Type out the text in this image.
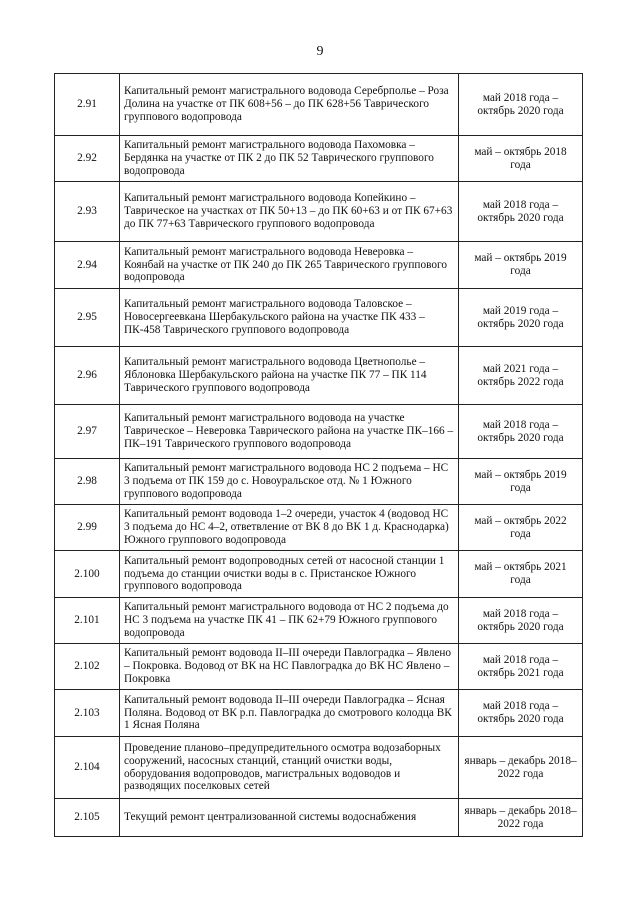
9
2.91	Капитальный ремонт магистрального водовода Серебрполье – Роза Долина на участке от ПК 608+56 – до ПК 628+56 Таврического группового водопровода	май 2018 года – октябрь 2020 года
2.92	Капитальный ремонт магистрального водовода Пахомовка – Бердянка на участке от ПК 2 до ПК 52 Таврического группового водопровода	май – октябрь 2018 года
2.93	Капитальный ремонт магистрального водовода Копейкино – Таврическое на участках от ПК 50+13 – до ПК 60+63 и от ПК 67+63 до ПК 77+63 Таврического группового водопровода	май 2018 года – октябрь 2020 года
2.94	Капитальный ремонт магистрального водовода Неверовка – Коянбай на участке от ПК 240 до ПК 265 Таврического группового водопровода	май – октябрь 2019 года
2.95	Капитальный ремонт магистрального водовода Таловское – Новосергеевкана Шербакульского района на участке ПК 433 – ПК-458 Таврического группового водопровода	май 2019 года – октябрь 2020 года
2.96	Капитальный ремонт магистрального водовода Цветнополье – Яблоновка Шербакульского района на участке ПК 77 – ПК 114 Таврического группового водопровода	май 2021 года – октябрь 2022 года
2.97	Капитальный ремонт магистрального водовода на участке Таврическое – Неверовка Таврического района на участке ПК–166 – ПК–191 Таврического группового водопровода	май 2018 года – октябрь 2020 года
2.98	Капитальный ремонт магистрального водовода НС 2 подъема – НС 3 подъема от ПК 159 до с. Новоуральское отд. № 1 Южного группового водопровода	май – октябрь 2019 года
2.99	Капитальный ремонт водовода 1–2 очереди, участок 4 (водовод НС 3 подъема до НС 4–2, ответвление от ВК 8 до ВК 1 д. Краснодарка) Южного группового водопровода	май – октябрь 2022 года
2.100	Капитальный ремонт водопроводных сетей от насосной станции 1 подъема до станции очистки воды в с. Пристанское Южного группового водопровода	май – октябрь 2021 года
2.101	Капитальный ремонт магистрального водовода от НС 2 подъема до НС 3 подъема на участке ПК 41 – ПК 62+79 Южного группового водопровода	май 2018 года – октябрь 2020 года
2.102	Капитальный ремонт водовода II–III очереди Павлоградка – Явлено – Покровка. Водовод от ВК на НС Павлоградка до ВК НС Явлено – Покровка	май 2018 года – октябрь 2021 года
2.103	Капитальный ремонт водовода II–III очереди Павлоградка – Ясная Поляна. Водовод от ВК р.п. Павлоградка до смотрового колодца ВК 1 Ясная Поляна	май 2018 года – октябрь 2020 года
2.104	Проведение планово–предупредительного осмотра водозаборных сооружений, насосных станций, станций очистки воды, оборудования водопроводов, магистральных водоводов и разводящих поселковых сетей	январь – декабрь 2018–2022 года
2.105	Текущий ремонт централизованной системы водоснабжения	январь – декабрь 2018–2022 года
